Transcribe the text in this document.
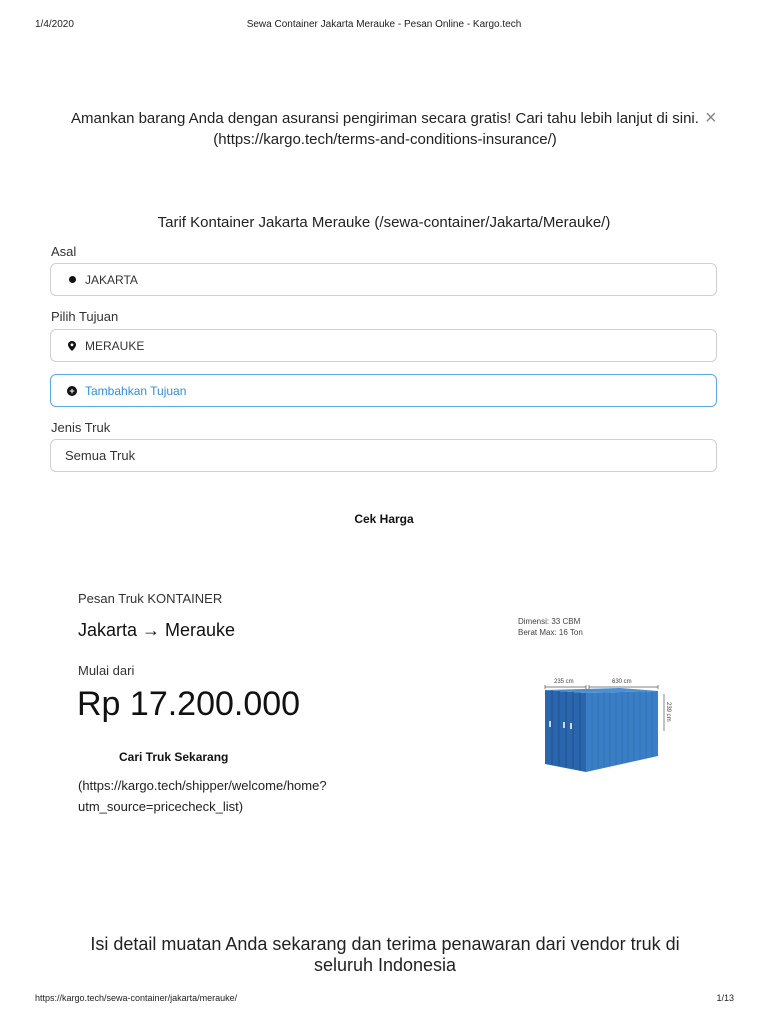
1/4/2020	Sewa Container Jakarta Merauke - Pesan Online - Kargo.tech
Amankan barang Anda dengan asuransi pengiriman secara gratis! Cari tahu lebih lanjut di sini. (https://kargo.tech/terms-and-conditions-insurance/)
×
Tarif Kontainer Jakarta Merauke (/sewa-container/Jakarta/Merauke/)
Asal
JAKARTA
Pilih Tujuan
MERAUKE
+ Tambahkan Tujuan
Jenis Truk
Semua Truk
Cek Harga
Pesan Truk KONTAINER
Jakarta → Merauke
Mulai dari
Rp 17.200.000
Cari Truk Sekarang
(https://kargo.tech/shipper/welcome/home?utm_source=pricecheck_list)
Dimensi: 33 CBM
Berat Max: 16 Ton
235 cm	630 cm
239 cm
Isi detail muatan Anda sekarang dan terima penawaran dari vendor truk di seluruh Indonesia
https://kargo.tech/sewa-container/jakarta/merauke/	1/13
